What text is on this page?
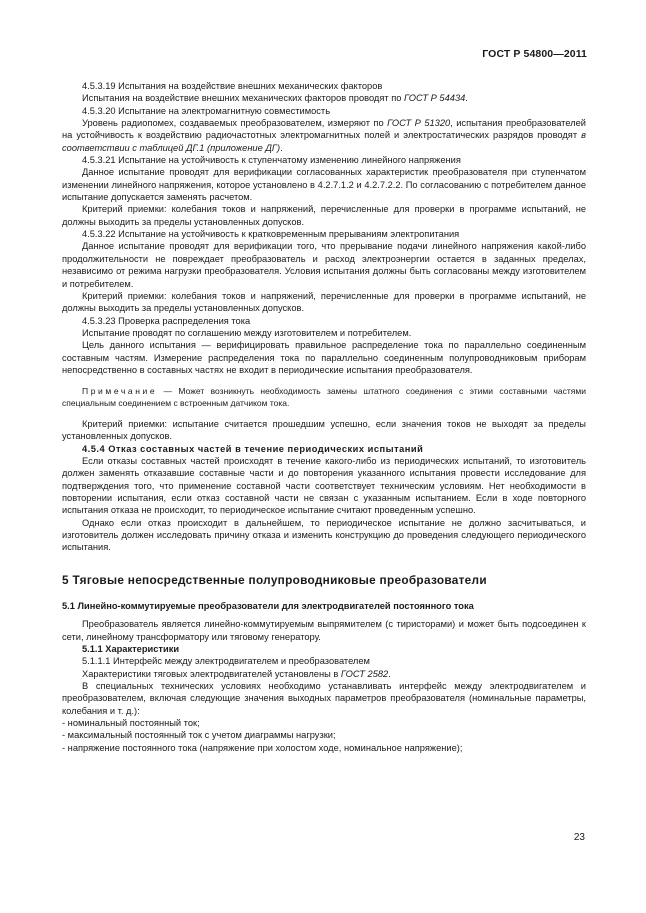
ГОСТ Р 54800—2011

4.5.3.19 Испытания на воздействие внешних механических факторов

Испытания на воздействие внешних механических факторов проводят по ГОСТ Р 54434.

4.5.3.20 Испытание на электромагнитную совместимость

Уровень радиопомех, создаваемых преобразователем, измеряют по ГОСТ Р 51320, испытания преобразователей на устойчивость к воздействию радиочастотных электромагнитных полей и электростатических разрядов проводят в соответствии с таблицей ДГ.1 (приложение ДГ).

4.5.3.21 Испытание на устойчивость к ступенчатому изменению линейного напряжения

Данное испытание проводят для верификации согласованных характеристик преобразователя при ступенчатом изменении линейного напряжения, которое установлено в 4.2.7.1.2 и 4.2.7.2.2. По согласованию с потребителем данное испытание допускается заменять расчетом.

Критерий приемки: колебания токов и напряжений, перечисленные для проверки в программе испытаний, не должны выходить за пределы установленных допусков.

4.5.3.22 Испытание на устойчивость к кратковременным прерываниям электропитания

Данное испытание проводят для верификации того, что прерывание подачи линейного напряжения какой-либо продолжительности не повреждает преобразователь и расход электроэнергии остается в заданных пределах, независимо от режима нагрузки преобразователя. Условия испытания должны быть согласованы между изготовителем и потребителем.

Критерий приемки: колебания токов и напряжений, перечисленные для проверки в программе испытаний, не должны выходить за пределы установленных допусков.

4.5.3.23 Проверка распределения тока

Испытание проводят по соглашению между изготовителем и потребителем.

Цель данного испытания — верифицировать правильное распределение тока по параллельно соединенным составным частям. Измерение распределения тока по параллельно соединенным полупроводниковым приборам непосредственно в составных частях не входит в периодические испытания преобразователя.

Примечание — Может возникнуть необходимость замены штатного соединения с этими составными частями специальным соединением с встроенным датчиком тока.

Критерий приемки: испытание считается прошедшим успешно, если значения токов не выходят за пределы установленных допусков.

4.5.4 Отказ составных частей в течение периодических испытаний

Если отказы составных частей происходят в течение какого-либо из периодических испытаний, то изготовитель должен заменять отказавшие составные части и до повторения указанного испытания провести исследование для подтверждения того, что применение составной части соответствует техническим условиям. Нет необходимости в повторении испытания, если отказ составной части не связан с указанным испытанием. Если в ходе повторного испытания отказа не происходит, то периодическое испытание считают проведенным успешно.

Однако если отказ происходит в дальнейшем, то периодическое испытание не должно засчитываться, и изготовитель должен исследовать причину отказа и изменить конструкцию до проведения следующего периодического испытания.

5 Тяговые непосредственные полупроводниковые преобразователи

5.1 Линейно-коммутируемые преобразователи для электродвигателей постоянного тока

Преобразователь является линейно-коммутируемым выпрямителем (с тиристорами) и может быть подсоединен к сети, линейному трансформатору или тяговому генератору.

5.1.1 Характеристики

5.1.1.1 Интерфейс между электродвигателем и преобразователем

Характеристики тяговых электродвигателей установлены в ГОСТ 2582.

В специальных технических условиях необходимо устанавливать интерфейс между электродвигателем и преобразователем, включая следующие значения выходных параметров преобразователя (номинальные параметры, колебания и т. д.):

- номинальный постоянный ток;

- максимальный постоянный ток с учетом диаграммы нагрузки;

- напряжение постоянного тока (напряжение при холостом ходе, номинальное напряжение);

23
